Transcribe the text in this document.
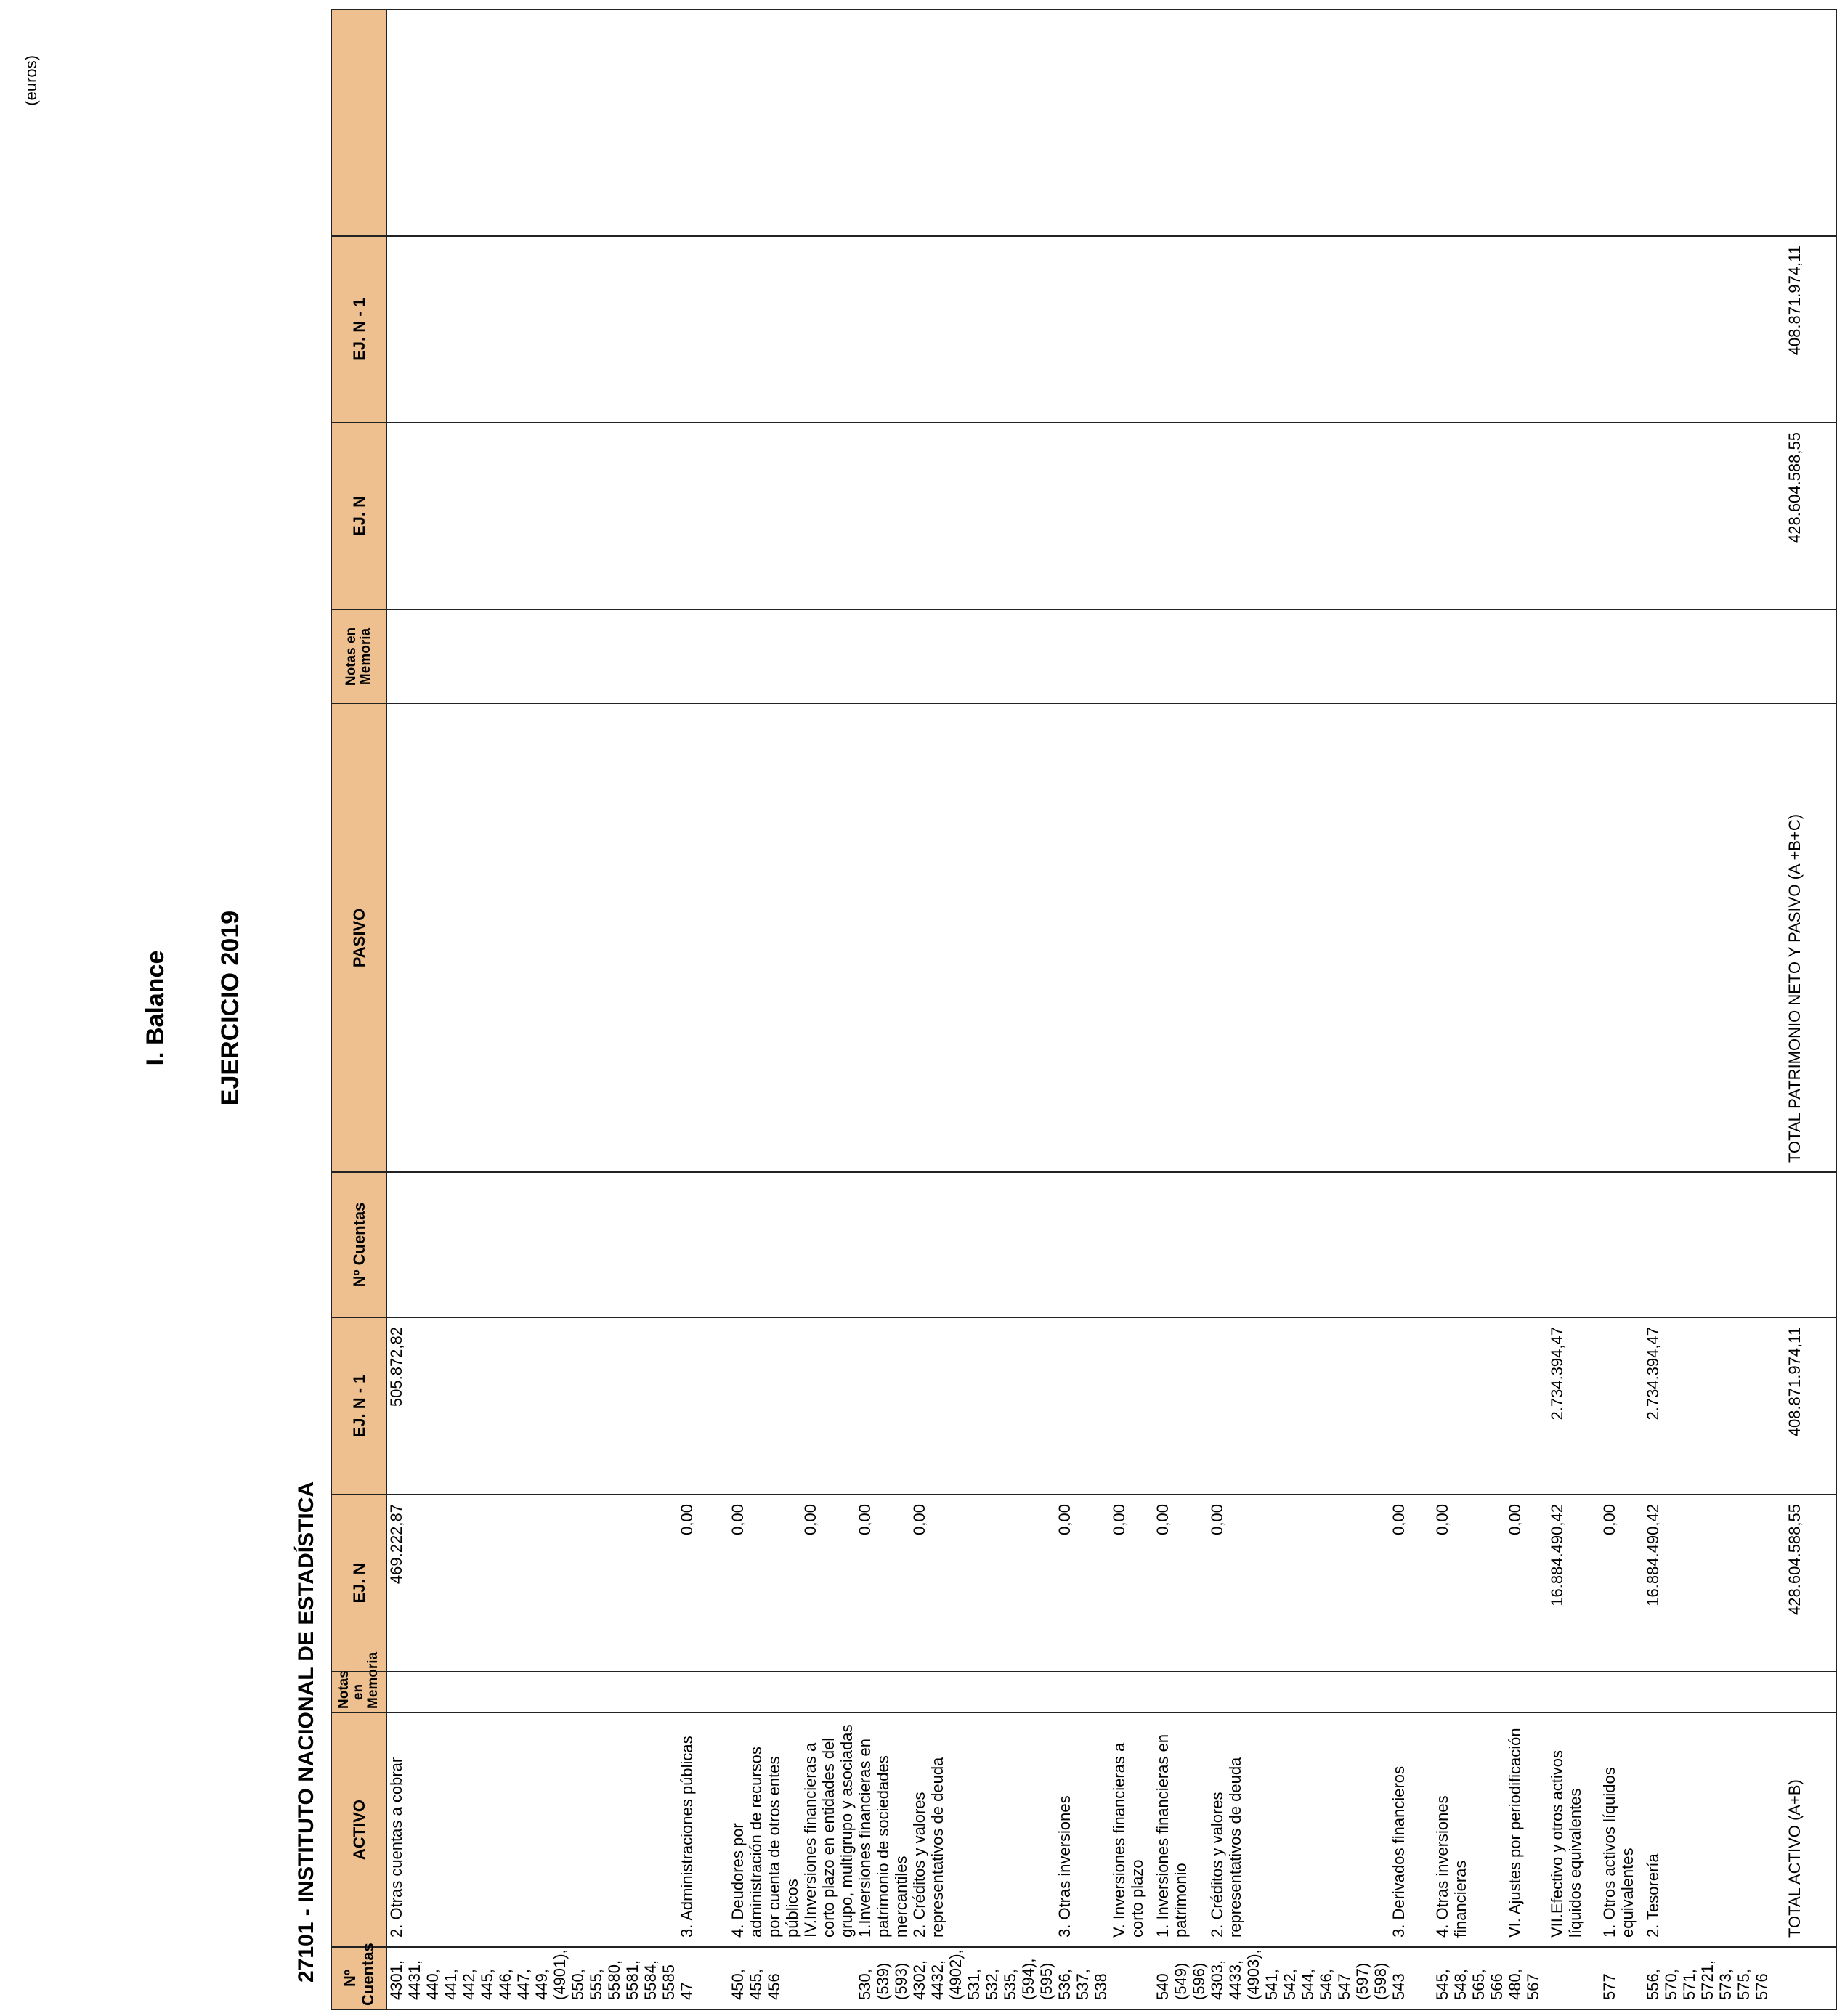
I. Balance EJERCICIO 2019
27101 - INSTITUTO NACIONAL DE ESTADÍSTICA
(euros)
Nº Cuentas	ACTIVO	Notas en Memoria	EJ. N	EJ. N - 1	Nº Cuentas	PASIVO	Notas en Memoria	EJ. N	EJ. N - 1	
4301, 4431, 440, 441, 442, 445, 446, 447, 449, (4901), 550, 555, 5580, 5581, 5584, 5585	2. Otras cuentas a cobrar		469.222,87	505.872,82						
47	3. Administraciones públicas		0,00							
450, 455, 456	4. Deudores por administración de recursos por cuenta de otros entes públicos		0,00							
	IV.Inversiones financieras a corto plazo en entidades del grupo, multigrupo y asociadas		0,00							
530, (539) (593)	1.Inversiones financieras en patrimonio de sociedades mercantiles		0,00							
4302, 4432, (4902), 531, 532, 535, (594), (595)	2. Créditos y valores representativos de deuda		0,00							
536, 537, 538	3. Otras inversiones		0,00							
	V. Inversiones financieras a corto plazo		0,00							
540 (549) (596)	1. Inversiones financieras en patrimonio		0,00							
4303, 4433, (4903), 541, 542, 544, 546, 547 (597) (598)	2. Créditos y valores representativos de deuda		0,00							
543	3. Derivados financieros		0,00							
545, 548, 565, 566	4. Otras inversiones financieras		0,00							
480, 567	VI. Ajustes por periodificación		0,00							
	VII.Efectivo y otros activos líquidos equivalentes		16.884.490,42	2.734.394,47						
577	1. Otros activos líquidos equivalentes		0,00							
556, 570, 571, 5721, 573, 575, 576	2. Tesorería		16.884.490,42	2.734.394,47						
	TOTAL ACTIVO (A+B)		428.604.588,55	408.871.974,11		TOTAL PATRIMONIO NETO Y PASIVO (A +B+C)		428.604.588,55	408.871.974,11	
